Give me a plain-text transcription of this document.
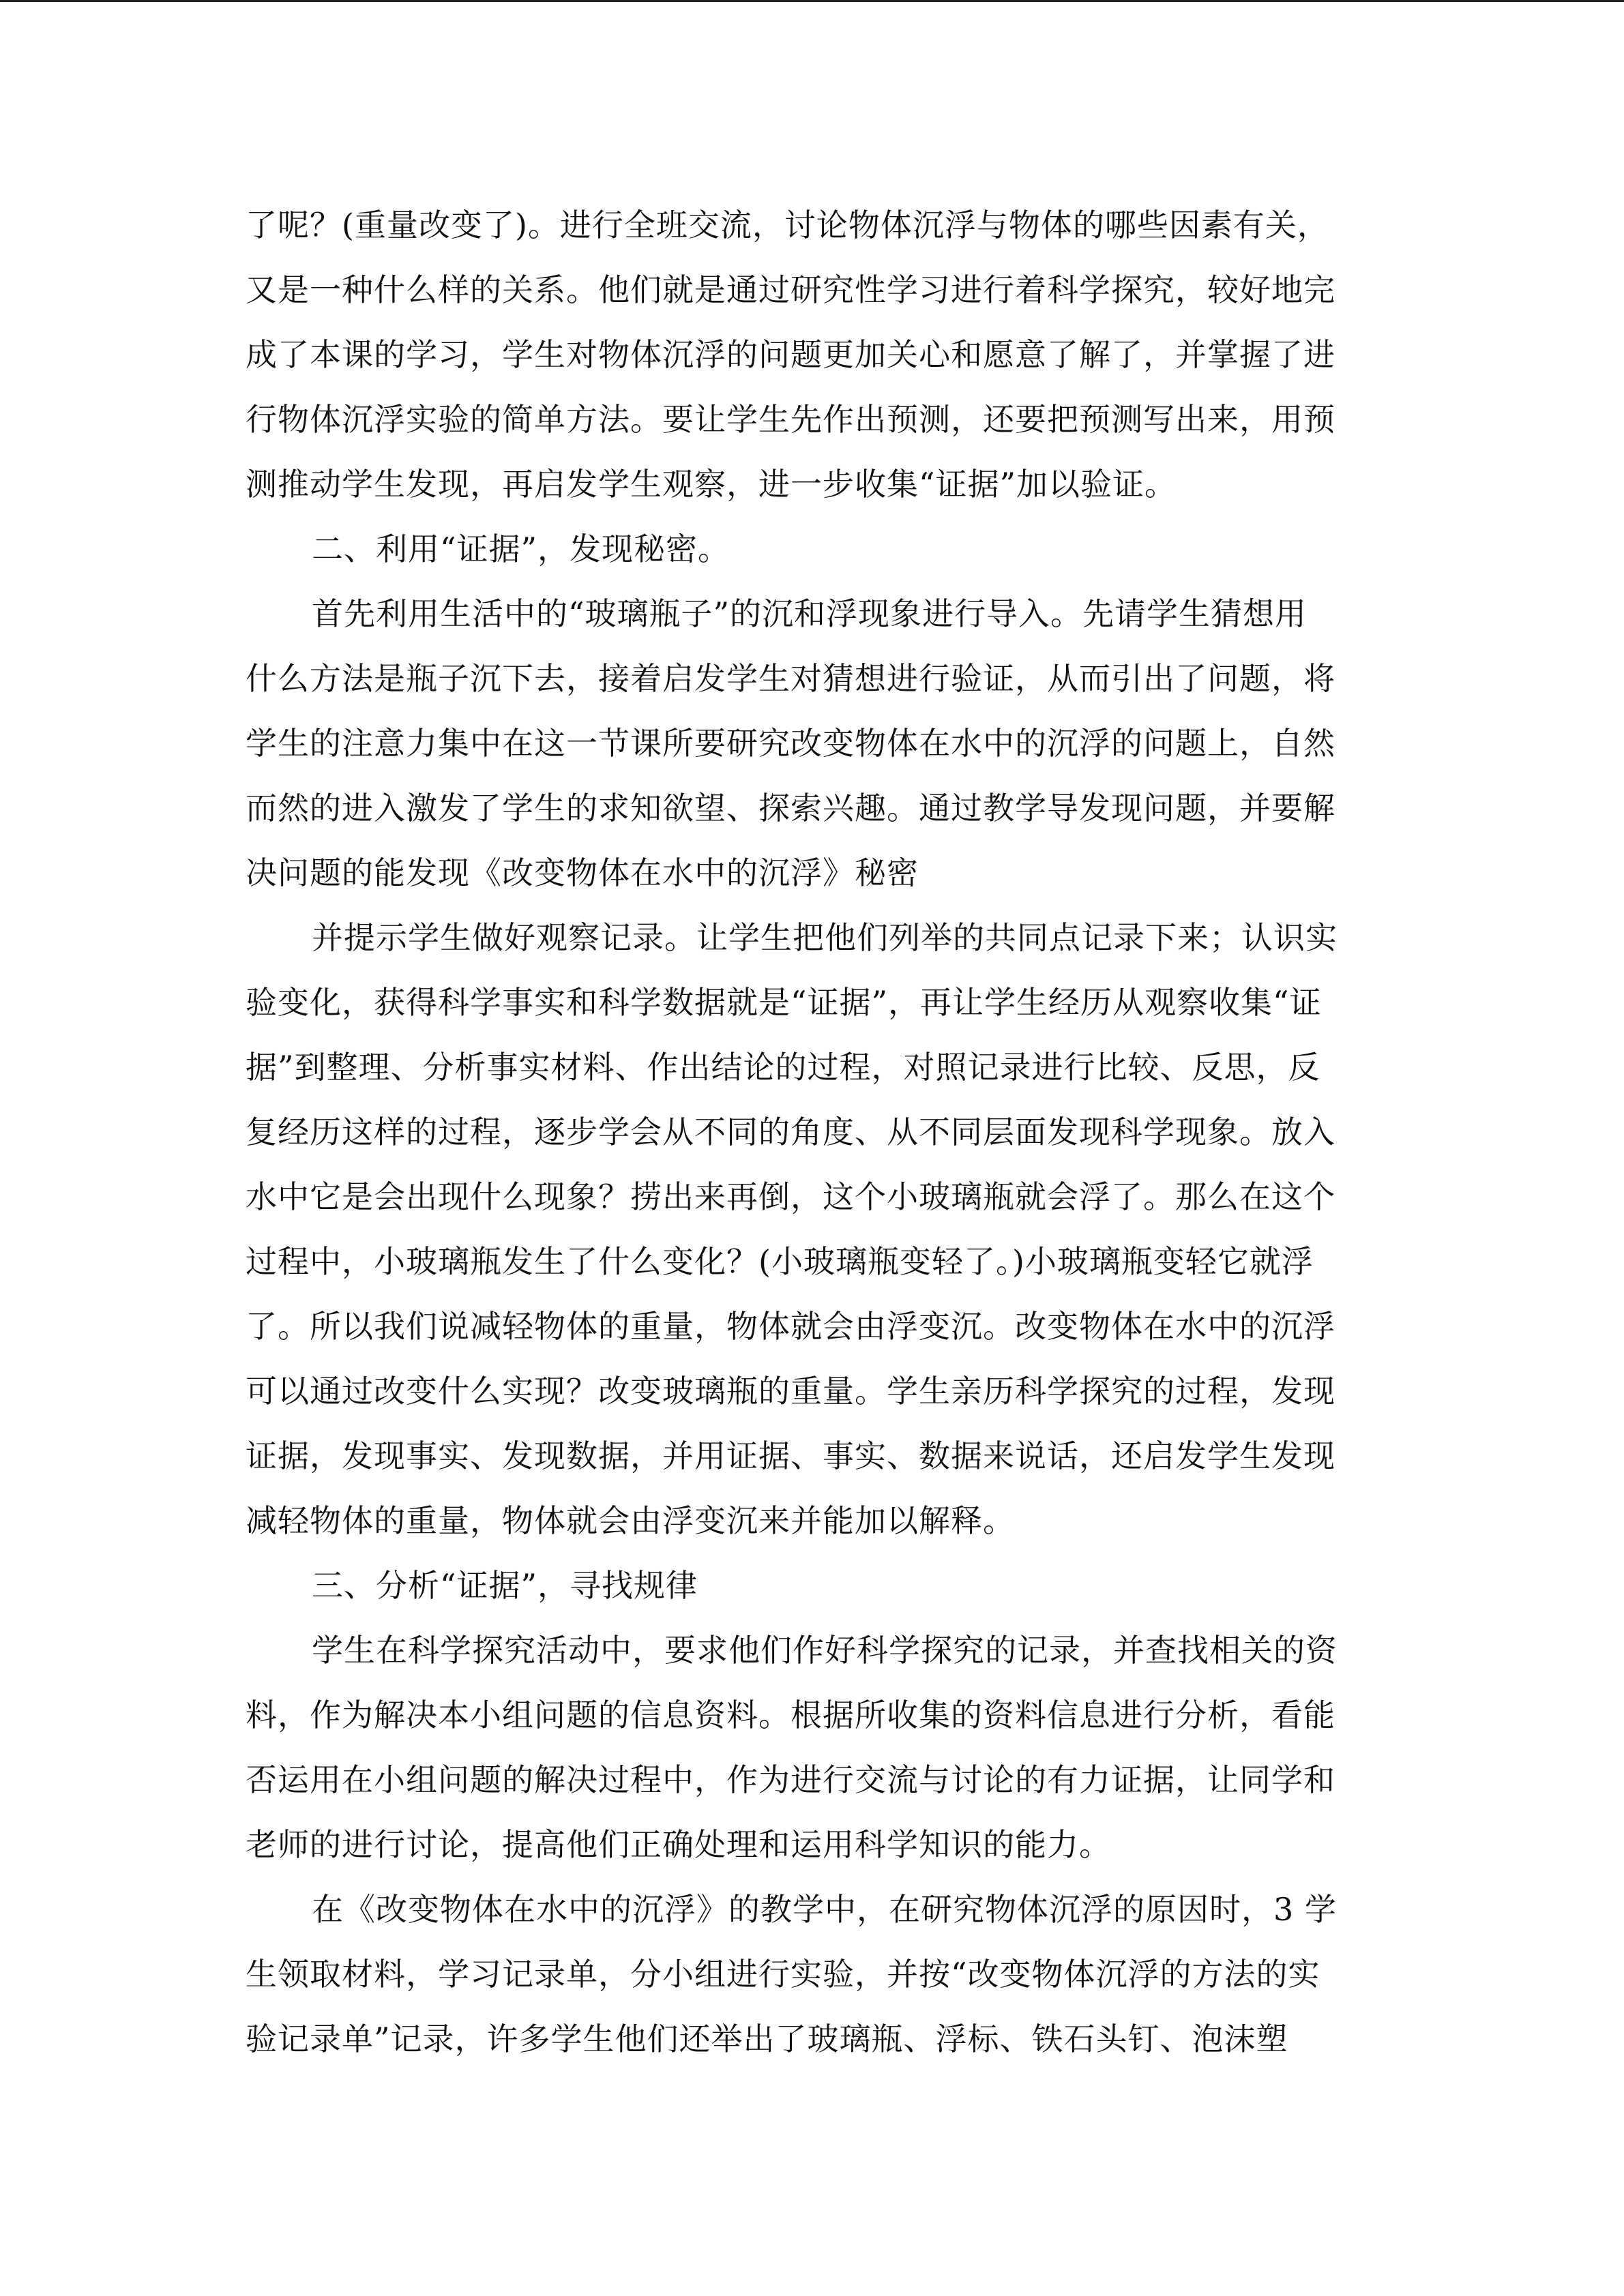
了呢？(重量改变了)。进行全班交流，讨论物体沉浮与物体的哪些因素有关，
又是一种什么样的关系。他们就是通过研究性学习进行着科学探究，较好地完
成了本课的学习，学生对物体沉浮的问题更加关心和愿意了解了，并掌握了进
行物体沉浮实验的简单方法。要让学生先作出预测，还要把预测写出来，用预
测推动学生发现，再启发学生观察，进一步收集“证据”加以验证。
二、利用“证据”，发现秘密。
首先利用生活中的“玻璃瓶子”的沉和浮现象进行导入。先请学生猜想用
什么方法是瓶子沉下去，接着启发学生对猜想进行验证，从而引出了问题，将
学生的注意力集中在这一节课所要研究改变物体在水中的沉浮的问题上，自然
而然的进入激发了学生的求知欲望、探索兴趣。通过教学导发现问题，并要解
决问题的能发现《改变物体在水中的沉浮》秘密
并提示学生做好观察记录。让学生把他们列举的共同点记录下来；认识实
验变化，获得科学事实和科学数据就是“证据”，再让学生经历从观察收集“证
据”到整理、分析事实材料、作出结论的过程，对照记录进行比较、反思，反
复经历这样的过程，逐步学会从不同的角度、从不同层面发现科学现象。放入
水中它是会出现什么现象？捞出来再倒，这个小玻璃瓶就会浮了。那么在这个
过程中，小玻璃瓶发生了什么变化？(小玻璃瓶变轻了。)小玻璃瓶变轻它就浮
了。所以我们说减轻物体的重量，物体就会由浮变沉。改变物体在水中的沉浮
可以通过改变什么实现？改变玻璃瓶的重量。学生亲历科学探究的过程，发现
证据，发现事实、发现数据，并用证据、事实、数据来说话，还启发学生发现
减轻物体的重量，物体就会由浮变沉来并能加以解释。
三、分析“证据”，寻找规律
学生在科学探究活动中，要求他们作好科学探究的记录，并查找相关的资
料，作为解决本小组问题的信息资料。根据所收集的资料信息进行分析，看能
否运用在小组问题的解决过程中，作为进行交流与讨论的有力证据，让同学和
老师的进行讨论，提高他们正确处理和运用科学知识的能力。
在《改变物体在水中的沉浮》的教学中，在研究物体沉浮的原因时，3 学
生领取材料，学习记录单，分小组进行实验，并按“改变物体沉浮的方法的实
验记录单”记录，许多学生他们还举出了玻璃瓶、浮标、铁石头钉、泡沫塑
